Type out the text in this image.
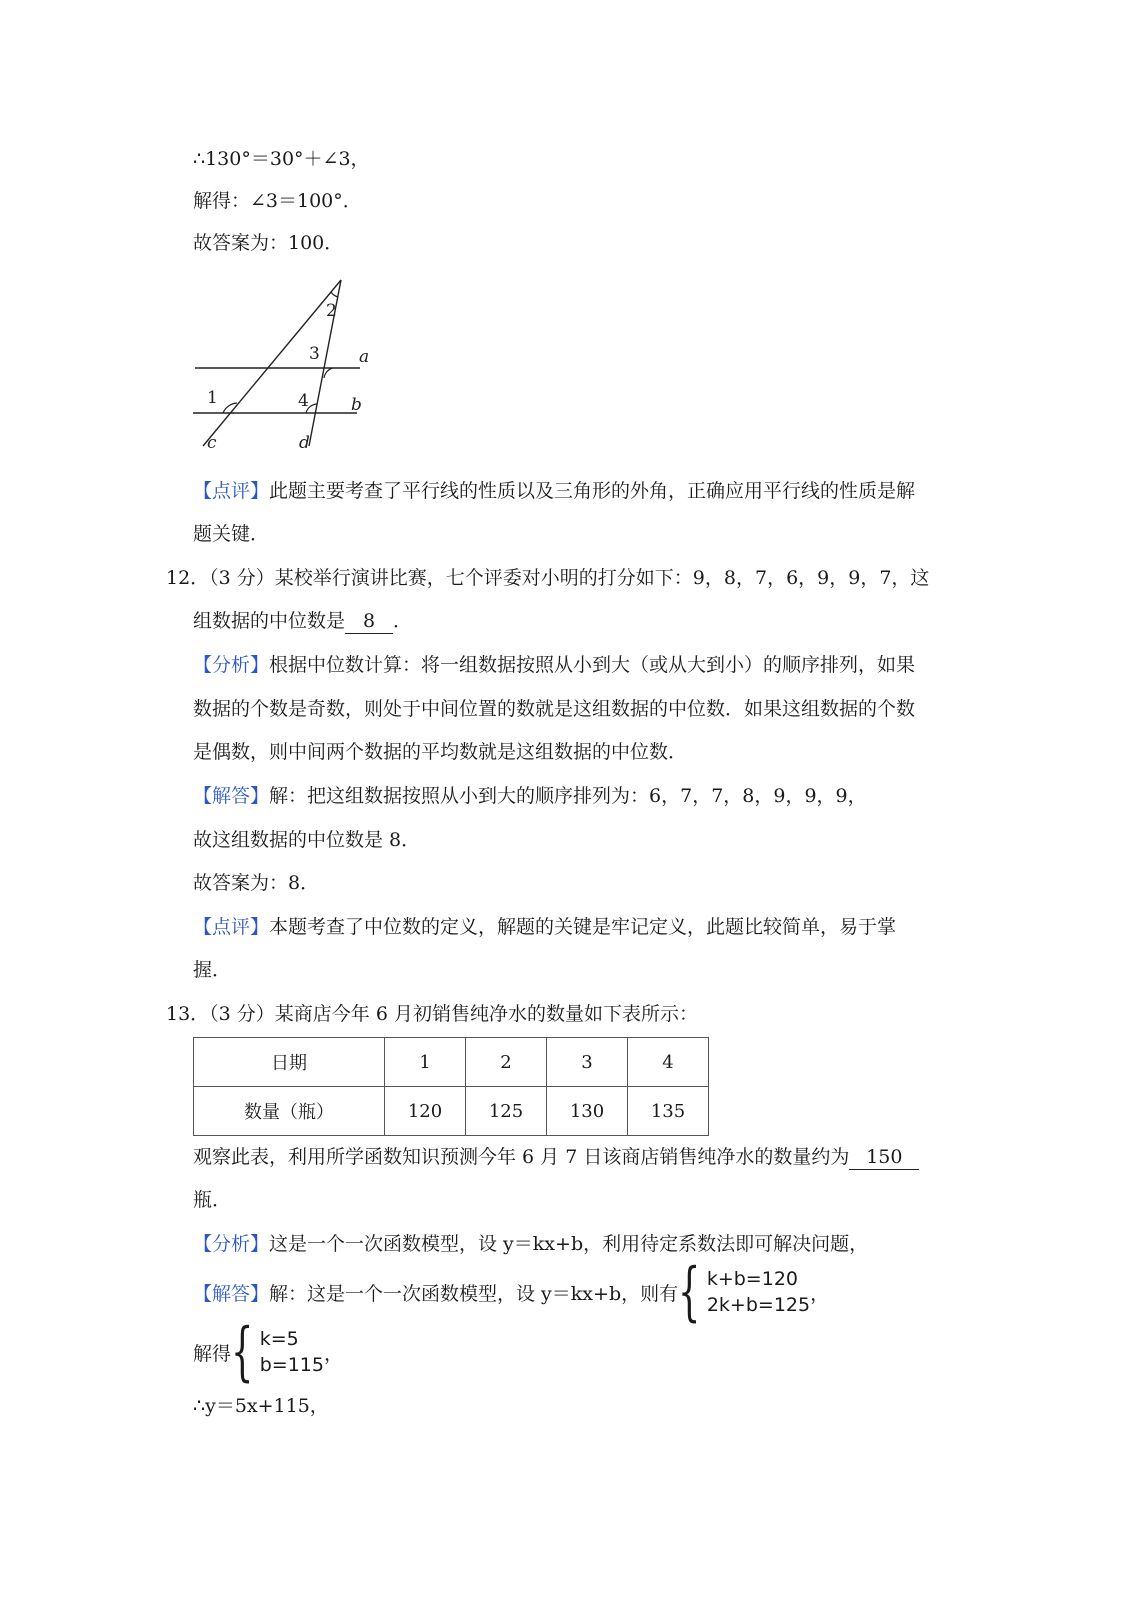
∴130°＝30°＋∠3，
解得：∠3＝100°．
故答案为：100．
2
3 a
1	4 b
c	d
【点评】此题主要考查了平行线的性质以及三角形的外角，正确应用平行线的性质是解
题关键．
12．（3 分）某校举行演讲比赛，七个评委对小明的打分如下：9，8，7，6，9，9，7，这
组数据的中位数是 8 ．
【分析】根据中位数计算：将一组数据按照从小到大（或从大到小）的顺序排列，如果
数据的个数是奇数，则处于中间位置的数就是这组数据的中位数．如果这组数据的个数
是偶数，则中间两个数据的平均数就是这组数据的中位数．
【解答】解：把这组数据按照从小到大的顺序排列为：6，7，7，8，9，9，9，
故这组数据的中位数是 8．
故答案为：8．
【点评】本题考查了中位数的定义，解题的关键是牢记定义，此题比较简单，易于掌
握．
13．（3 分）某商店今年 6 月初销售纯净水的数量如下表所示：
日期	1	2	3	4
数量（瓶）	120	125	130	135
观察此表，利用所学函数知识预测今年 6 月 7 日该商店销售纯净水的数量约为 150
瓶．
【分析】这是一个一次函数模型，设 y＝kx+b，利用待定系数法即可解决问题，
【解答】 解：这是一个一次函数模型，设 y＝kx+b，则有 { k+b=120
2k+b=125
，
解得 { k=5
b=115
，
∴y＝5x+115，
